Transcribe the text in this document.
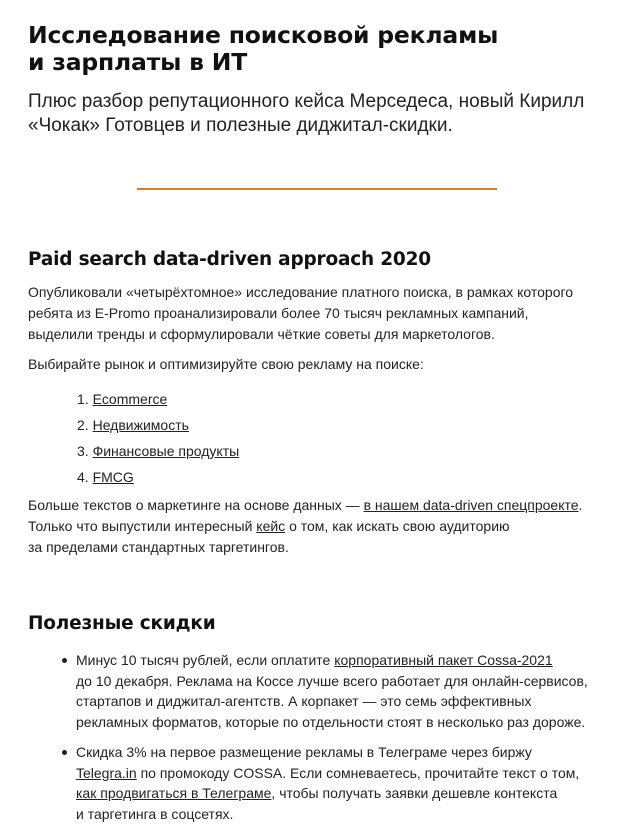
Исследование поисковой рекламы
и зарплаты в ИТ
Плюс разбор репутационного кейса Мерседеса, новый Кирилл
«Чокак» Готовцев и полезные диджитал-скидки.
Paid search data-driven approach 2020

Опубликовали «четырёхтомное» исследование платного поиска, в рамках которого
ребята из E-Promo проанализировали более 70 тысяч рекламных кампаний,
выделили тренды и сформулировали чёткие советы для маркетологов.

Выбирайте рынок и оптимизируйте свою рекламу на поиске:

1. Ecommerce
2. Недвижимость
3. Финансовые продукты
4. FMCG

Больше текстов о маркетинге на основе данных — в нашем data-driven спецпроекте.
Только что выпустили интересный кейс о том, как искать свою аудиторию
за пределами стандартных таргетингов.

Полезные скидки
Минус 10 тысяч рублей, если оплатите корпоративный пакет Cossa-2021
до 10 декабря. Реклама на Коссе лучше всего работает для онлайн-сервисов,
стартапов и диджитал-агентств. А корпакет — это семь эффективных
рекламных форматов, которые по отдельности стоят в несколько раз дороже.
Скидка 3% на первое размещение рекламы в Телеграме через биржу
Telegra.in по промокоду COSSA. Если сомневаетесь, прочитайте текст о том,
как продвигаться в Телеграме, чтобы получать заявки дешевле контекста
и таргетинга в соцсетях.
